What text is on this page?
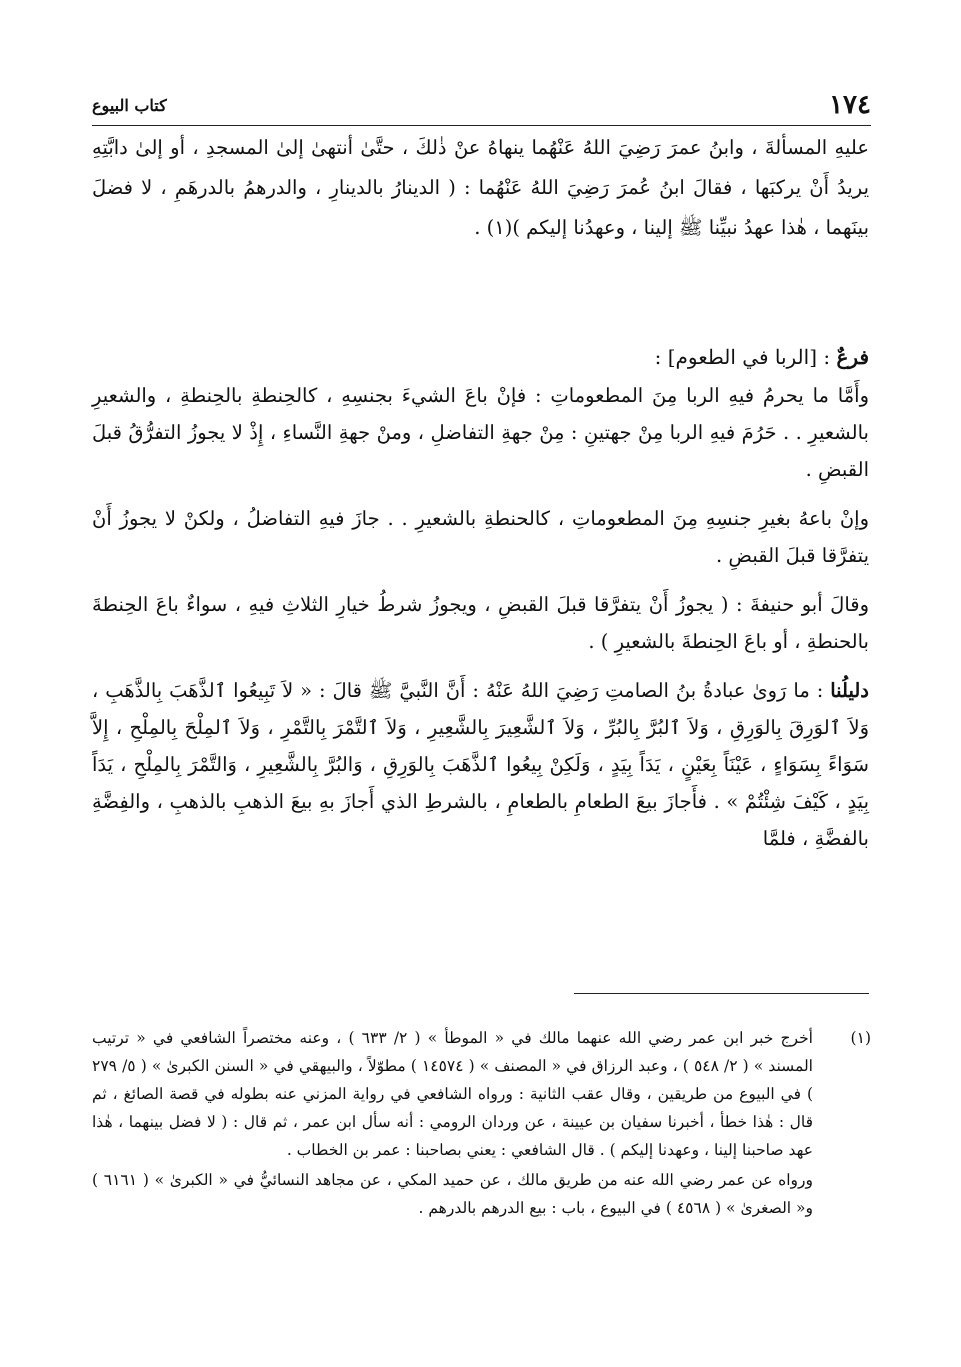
١٧٤
كتاب البيوع

عليهِ المسألةَ ، وابنُ عمرَ رَضِيَ اللهُ عَنْهُما ينهاهُ عنْ ذٰلكَ ، حتَّىٰ أنتهىٰ إلىٰ المسجدِ ، أو إلىٰ دابَّتِهِ يريدُ أَنْ يركبَها ، فقالَ ابنُ عُمرَ رَضِيَ اللهُ عَنْهُما : ( الدينارُ بالدينارِ ، والدرهمُ بالدرهَمِ ، لا فضلَ بينَهما ، هٰذا عهدُ نبيِّنا ﷺ إلينا ، وعهدُنا إليكم )(١) .

فرعٌ : [الربا في الطعوم] :

وأَمَّا ما يحرمُ فيهِ الربا مِنَ المطعوماتِ : فإنْ باعَ الشيءَ بجنسِهِ ، كالحِنطةِ بالحِنطةِ ، والشعيرِ بالشعيرِ . . حَرُمَ فيهِ الربا مِنْ جهتينِ : مِنْ جهةِ التفاضلِ ، ومنْ جهةِ النَّساءِ ، إِذْ لا يجوزُ التفرُّقُ قبلَ القبضِ .

وإنْ باعهُ بغيرِ جنسِهِ مِنَ المطعوماتِ ، كالحنطةِ بالشعيرِ . . جازَ فيهِ التفاضلُ ، ولكنْ لا يجوزُ أَنْ يتفرَّقا قبلَ القبضِ .

وقالَ أبو حنيفةَ : ( يجوزُ أَنْ يتفرَّقا قبلَ القبضِ ، ويجوزُ شرطُ خيارِ الثلاثِ فيهِ ، سواءٌ باعَ الحِنطةَ بالحنطةِ ، أو باعَ الحِنطةَ بالشعيرِ ) .

دليلُنا : ما رَوىٰ عبادةُ بنُ الصامتِ رَضِيَ اللهُ عَنْهُ : أَنَّ النَّبيَّ ﷺ قالَ : « لاَ تَبِيعُوا ٱلذَّهَبَ بِالذَّهَبِ ، وَلاَ ٱلوَرِقَ بِالوَرِقِ ، وَلاَ ٱلبُرَّ بِالبُرِّ ، وَلاَ ٱلشَّعِيرَ بِالشَّعِيرِ ، وَلاَ ٱلتَّمْرَ بِالتَّمْرِ ، وَلاَ ٱلمِلْحَ بِالمِلْحِ ، إِلاَّ سَوَاءً بِسَوَاءٍ ، عَيْنَاً بِعَيْنٍ ، يَدَاً بِيَدٍ ، وَلَكِنْ بِيعُوا ٱلذَّهَبَ بِالوَرِقِ ، وَالبُرَّ بِالشَّعِيرِ ، وَالتَّمْرَ بِالمِلْحِ ، يَدَاً بِيَدٍ ، كَيْفَ شِئْتُمْ » . فأَجازَ بيعَ الطعامِ بالطعامِ ، بالشرطِ الذي أَجازَ بهِ بيعَ الذهبِ بالذهبِ ، والفِضَّةِ بالفضَّةِ ، فلمَّا

(١)

أخرج خبر ابن عمر رضي الله عنهما مالك في « الموطأ » ( ٢/ ٦٣٣ ) ، وعنه مختصراً الشافعي في « ترتيب المسند » ( ٢/ ٥٤٨ ) ، وعبد الرزاق في « المصنف » ( ١٤٥٧٤ ) مطوّلاً ، والبيهقي في « السنن الكبرىٰ » ( ٥/ ٢٧٩ ) في البيوع من طريقين ، وقال عقب الثانية : ورواه الشافعي في رواية المزني عنه بطوله في قصة الصائغ ، ثم قال : هٰذا خطأ ، أخبرنا سفيان بن عيينة ، عن وردان الرومي : أنه سأل ابن عمر ، ثم قال : ( لا فضل بينهما ، هٰذا عهد صاحبنا إلينا ، وعهدنا إليكم ) . قال الشافعي : يعني بصاحبنا : عمر بن الخطاب .

ورواه عن عمر رضي الله عنه من طريق مالك ، عن حميد المكي ، عن مجاهد النسائيُّ في « الكبرىٰ » ( ٦١٦١ ) و« الصغرىٰ » ( ٤٥٦٨ ) في البيوع ، باب : بيع الدرهم بالدرهم .
